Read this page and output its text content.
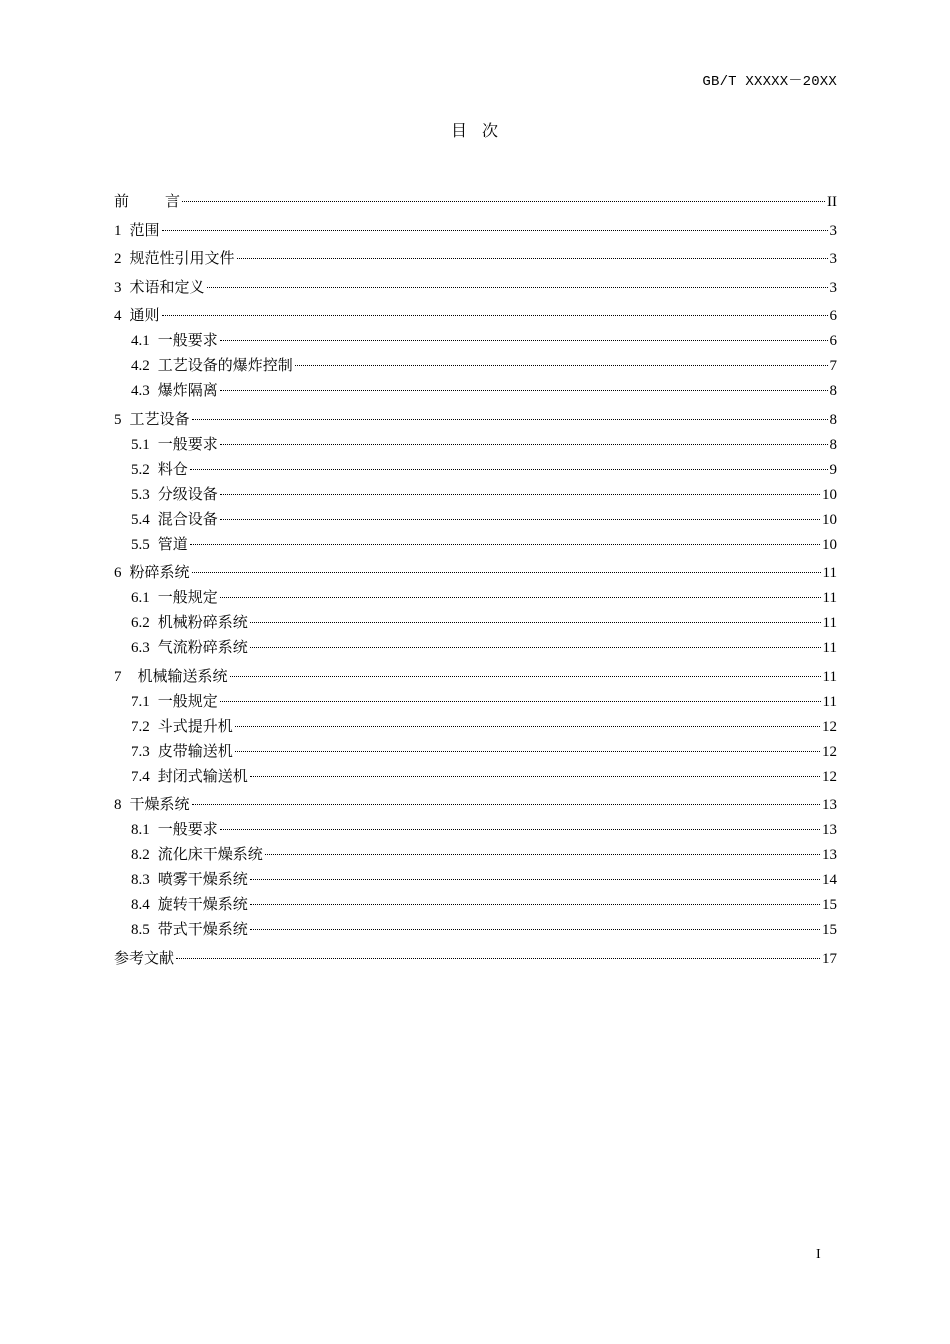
GB/T XXXXX－20XX
目 次
前 言	II
1 范围	3
2 规范性引用文件	3
3 术语和定义	3
4 通则	6
4.1 一般要求	6
4.2 工艺设备的爆炸控制	7
4.3 爆炸隔离	8
5 工艺设备	8
5.1 一般要求	8
5.2 料仓	9
5.3 分级设备	10
5.4 混合设备	10
5.5 管道	10
6 粉碎系统	11
6.1 一般规定	11
6.2 机械粉碎系统	11
6.3 气流粉碎系统	11
7 机械输送系统	11
7.1 一般规定	11
7.2 斗式提升机	12
7.3 皮带输送机	12
7.4 封闭式输送机	12
8 干燥系统	13
8.1 一般要求	13
8.2 流化床干燥系统	13
8.3 喷雾干燥系统	14
8.4 旋转干燥系统	15
8.5 带式干燥系统	15
参考文献	17
I
